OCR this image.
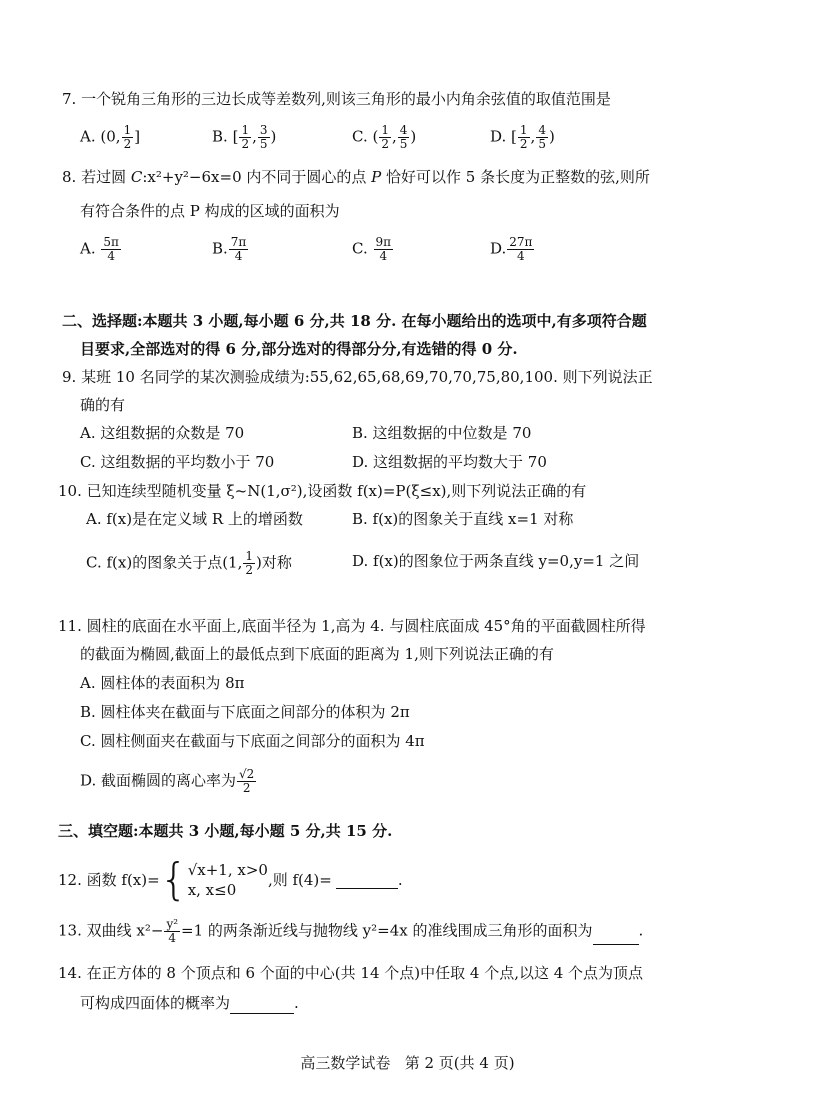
7. 一个锐角三角形的三边长成等差数列,则该三角形的最小内角余弦值的取值范围是
A. (0, $\frac{1}{2}$ ]	B. [ $\frac{1}{2}$ , $\frac{3}{5}$ )	C. ( $\frac{1}{2}$ , $\frac{4}{5}$ )	D. [ $\frac{1}{2}$ , $\frac{4}{5}$ )
8. 若过圆 C:x²+y²−6x=0 内不同于圆心的点 P 恰好可以作 5 条长度为正整数的弦,则所
有符合条件的点 P 构成的区域的面积为
A. $\frac{5\pi}{4}$	B. $\frac{7\pi}{4}$	C. $\frac{9\pi}{4}$	D. $\frac{27\pi}{4}$
二、选择题:本题共 3 小题,每小题 6 分,共 18 分. 在每小题给出的选项中,有多项符合题
目要求,全部选对的得 6 分,部分选对的得部分分,有选错的得 0 分.
9. 某班 10 名同学的某次测验成绩为:55,62,65,68,69,70,70,75,80,100. 则下列说法正
确的有
A. 这组数据的众数是 70	B. 这组数据的中位数是 70
C. 这组数据的平均数小于 70	D. 这组数据的平均数大于 70
10. 已知连续型随机变量 ξ~N(1,σ²),设函数 f(x)=P(ξ≤x),则下列说法正确的有
A. f(x)是在定义域 R 上的增函数	B. f(x)的图象关于直线 x=1 对称
C. f(x)的图象关于点(1, $\frac{1}{2}$ )对称	D. f(x)的图象位于两条直线 y=0,y=1 之间
11. 圆柱的底面在水平面上,底面半径为 1,高为 4. 与圆柱底面成 45°角的平面截圆柱所得
的截面为椭圆,截面上的最低点到下底面的距离为 1,则下列说法正确的有
A. 圆柱体的表面积为 8π
B. 圆柱体夹在截面与下底面之间部分的体积为 2π
C. 圆柱侧面夹在截面与下底面之间部分的面积为 4π
D. 截面椭圆的离心率为 $\frac{√2}{2}$
三、填空题:本题共 3 小题,每小题 5 分,共 15 分.
12. 函数 f(x)= { √x+1, x>0
x, x≤0
,则 f(4)=	.
13. 双曲线 $x^2- \frac{\text{y²}}{4} =1$ 的两条渐近线与抛物线 y²=4x 的准线围成三角形的面积为	.
14. 在正方体的 8 个顶点和 6 个面的中心(共 14 个点)中任取 4 个点,以这 4 个点为顶点
可构成四面体的概率为	.
高三数学试卷   第 2 页(共 4 页)
